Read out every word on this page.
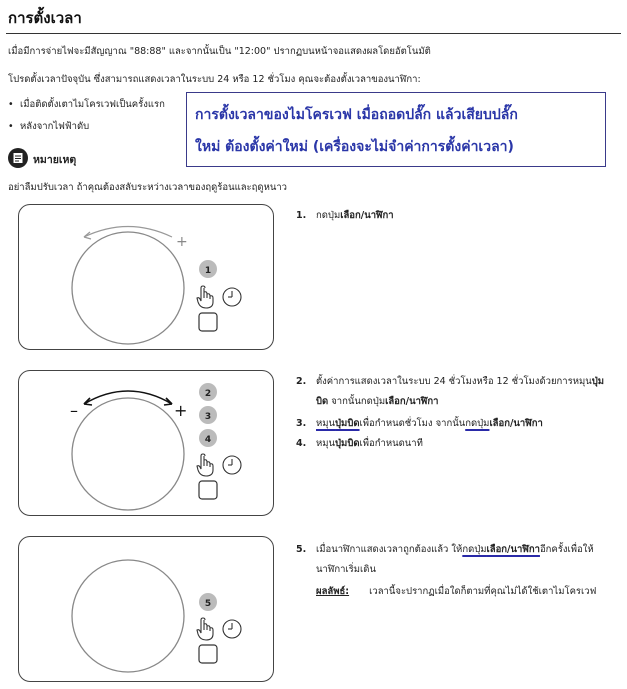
การตั้งเวลา
เมื่อมีการจ่ายไฟจะมีสัญญาณ "88:88" และจากนั้นเป็น "12:00" ปรากฏบนหน้าจอแสดงผลโดยอัตโนมัติ
โปรดตั้งเวลาปัจจุบัน ซึ่งสามารถแสดงเวลาในระบบ 24 หรือ 12 ชั่วโมง คุณจะต้องตั้งเวลาของนาฬิกา:
• เมื่อติดตั้งเตาไมโครเวฟเป็นครั้งแรก
• หลังจากไฟฟ้าดับ
การตั้งเวลาของไมโครเวฟ เมื่อถอดปลั๊ก แล้วเสียบปลั๊ก
ใหม่ ต้องตั้งค่าใหม่ (เครื่องจะไม่จำค่าการตั้งค่าเวลา)
หมายเหตุ
อย่าลืมปรับเวลา ถ้าคุณต้องสลับระหว่างเวลาของฤดูร้อนและฤดูหนาว
+
1
1. กดปุ่มเลือก/นาฬิกา
–	+
2
3
4
2. ตั้งค่าการแสดงเวลาในระบบ 24 ชั่วโมงหรือ 12 ชั่วโมงด้วยการหมุนปุ่ม
บิด จากนั้นกดปุ่มเลือก/นาฬิกา
3. หมุนปุ่มบิดเพื่อกำหนดชั่วโมง จากนั้นกดปุ่มเลือก/นาฬิกา
4. หมุนปุ่มบิดเพื่อกำหนดนาที
5
5. เมื่อนาฬิกาแสดงเวลาถูกต้องแล้ว ให้กดปุ่มเลือก/นาฬิกาอีกครั้งเพื่อให้
นาฬิกาเริ่มเดิน
ผลลัพธ์: เวลานี้จะปรากฏเมื่อใดก็ตามที่คุณไม่ได้ใช้เตาไมโครเวฟ
